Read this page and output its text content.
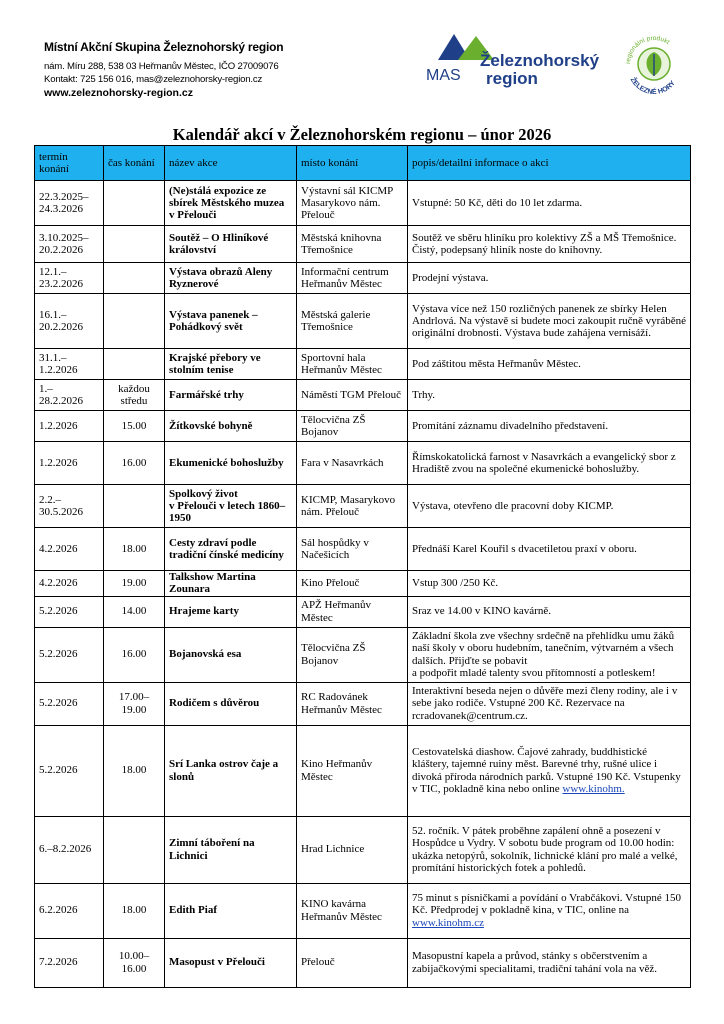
Místní Akční Skupina Železnohorský region
nám. Míru 288, 538 03 Heřmanův Městec, IČO 27009076
Kontakt: 725 156 016, mas@zeleznohorsky-region.cz
www.zeleznohorsky-region.cz
MAS
Železnohorský
region
regionální produkt
ŽELEZNÉ HORY
Kalendář akcí v Železnohorském regionu – únor 2026
termín konání	čas konání	název akce	místo konání	popis/detailní informace o akci
22.3.2025–
24.3.2026		(Ne)stálá expozice ze sbírek Městského muzea v Přelouči	Výstavní sál KICMP Masarykovo nám. Přelouč	Vstupné: 50 Kč, děti do 10 let zdarma.
3.10.2025–
20.2.2026		Soutěž – O Hliníkové království	Městská knihovna Třemošnice	Soutěž ve sběru hliníku pro kolektivy ZŠ a MŠ Třemošnice. Čistý, podepsaný hliník noste do knihovny.
12.1.–
23.2.2026		Výstava obrazů Aleny Ryznerové	Informační centrum Heřmanův Městec	Prodejní výstava.
16.1.–
20.2.2026		Výstava panenek – Pohádkový svět	Městská galerie Třemošnice	Výstava více než 150 rozličných panenek ze sbírky Helen Andrlová. Na výstavě si budete moci zakoupit ručně vyráběné originální drobnosti. Výstava bude zahájena vernisáží.
31.1.–
1.2.2026		Krajské přebory ve stolním tenise	Sportovní hala Heřmanův Městec	Pod záštitou města Heřmanův Městec.
1.–
28.2.2026	každou středu	Farmářské trhy	Náměstí TGM Přelouč	Trhy.
1.2.2026	15.00	Žítkovské bohyně	Tělocvična ZŠ Bojanov	Promítání záznamu divadelního představení.
1.2.2026	16.00	Ekumenické bohoslužby	Fara v Nasavrkách	Římskokatolická farnost v Nasavrkách a evangelický sbor z Hradiště zvou na společné ekumenické bohoslužby.
2.2.–
30.5.2026		Spolkový život
v Přelouči v letech 1860–1950	KICMP, Masarykovo nám. Přelouč	Výstava, otevřeno dle pracovní doby KICMP.
4.2.2026	18.00	Cesty zdraví podle tradiční čínské medicíny	Sál hospůdky v Načešicích	Přednáší Karel Kouřil s dvacetiletou praxí v oboru.
4.2.2026	19.00	Talkshow Martina Zounara	Kino Přelouč	Vstup 300 /250 Kč.
5.2.2026	14.00	Hrajeme karty	APŽ Heřmanův Městec	Sraz ve 14.00 v KINO kavárně.
5.2.2026	16.00	Bojanovská esa	Tělocvična ZŠ Bojanov	Základní škola zve všechny srdečně na přehlídku umu žáků naší školy v oboru hudebním, tanečním, výtvarném a všech dalších. Přijďte se pobavit
a podpořit mladé talenty svou přítomností a potleskem!
5.2.2026	17.00–
19.00	Rodičem s důvěrou	RC Radovánek Heřmanův Městec	Interaktivní beseda nejen o důvěře mezi členy rodiny, ale i v sebe jako rodiče. Vstupné 200 Kč. Rezervace na rcradovanek@centrum.cz.
5.2.2026	18.00	Srí Lanka ostrov čaje a slonů	Kino Heřmanův Městec	Cestovatelská diashow. Čajové zahrady, buddhistické kláštery, tajemné ruiny měst. Barevné trhy, rušné ulice i divoká příroda národních parků. Vstupné 190 Kč. Vstupenky v TIC, pokladně kina nebo online www.kinohm.
6.–8.2.2026		Zimní táboření na Lichnici	Hrad Lichnice	52. ročník. V pátek proběhne zapálení ohně a posezení v Hospůdce u Vydry. V sobotu bude program od 10.00 hodin: ukázka netopýrů, sokolník, lichnické klání pro malé a velké, promítání historických fotek a pohledů.
6.2.2026	18.00	Edith Piaf	KINO kavárna Heřmanův Městec	75 minut s písničkami a povídání o Vrabčákovi. Vstupné 150 Kč. Předprodej v pokladně kina, v TIC, online na www.kinohm.cz
7.2.2026	10.00–
16.00	Masopust v Přelouči	Přelouč	Masopustní kapela a průvod, stánky s občerstvením a zabijačkovými specialitami, tradiční tahání vola na věž.
